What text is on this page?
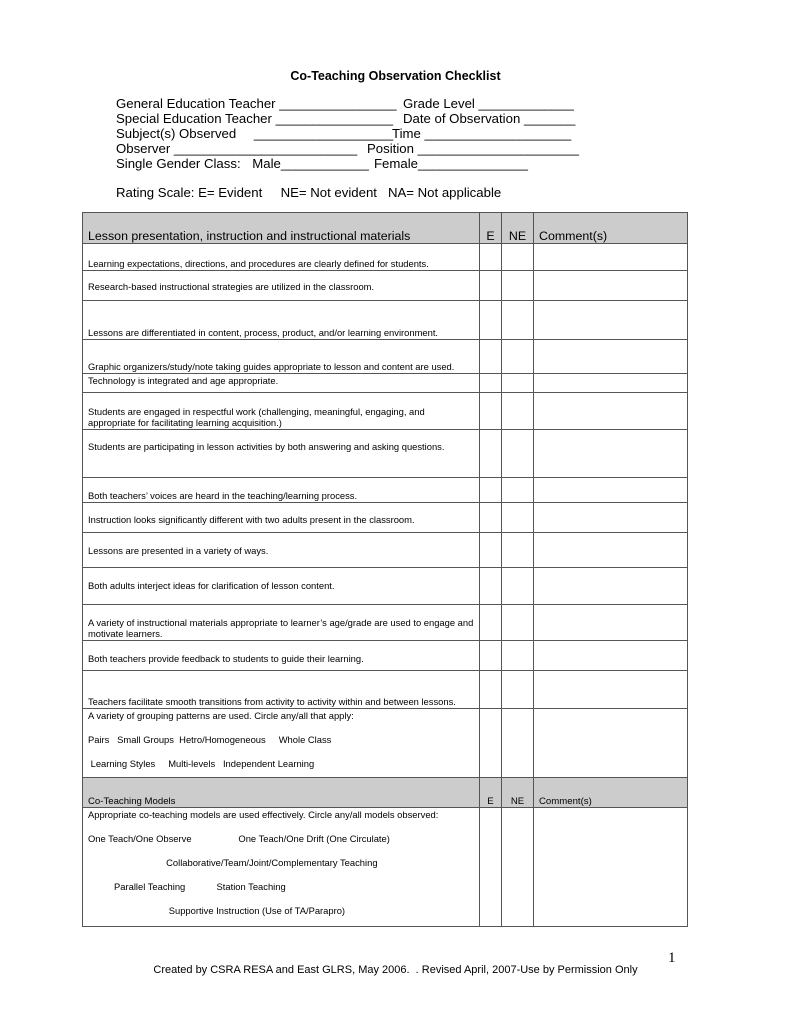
Co-Teaching Observation Checklist
General Education Teacher ________________ Grade Level _____________
Special Education Teacher ________________ Date of Observation _______
Subject(s) Observed ___________________
Time ____________________
Observer _________________________ Position ______________________
Single Gender Class: Male____________ Female_______________
Rating Scale: E= Evident     NE= Not evident   NA= Not applicable
Lesson presentation, instruction and instructional materials	E	NE	Comment(s)
Learning expectations, directions, and procedures are clearly defined for students.			
Research-based instructional strategies are utilized in the classroom.			
Lessons are differentiated in content, process, product, and/or learning environment.			
Graphic organizers/study/note taking guides appropriate to lesson and content are used.			
Technology is integrated and age appropriate.			
Students are engaged in respectful work (challenging, meaningful, engaging, and appropriate for facilitating learning acquisition.)			
Students are participating in lesson activities by both answering and asking questions.			
Both teachers’ voices are heard in the teaching/learning process.			
Instruction looks significantly different with two adults present in the classroom.			
Lessons are presented in a variety of ways.			
Both adults interject ideas for clarification of lesson content.			
A variety of instructional materials appropriate to learner’s age/grade are used to engage and motivate learners.			
Both teachers provide feedback to students to guide their learning.			
Teachers facilitate smooth transitions from activity to activity within and between lessons.			

A variety of grouping patterns are used. Circle any/all that apply:
Pairs   Small Groups  Hetro/Homogeneous     Whole Class
Learning Styles     Multi-levels   Independent Learning			

Co-Teaching Models	E	NE	Comment(s)

Appropriate co-teaching models are used effectively. Circle any/all models observed:
One Teach/One Observe                  One Teach/One Drift (One Circulate)
Collaborative/Team/Joint/Complementary Teaching
Parallel Teaching            Station Teaching
Supportive Instruction (Use of TA/Parapro)			

1
Created by CSRA RESA and East GLRS, May 2006.  . Revised April, 2007-Use by Permission Only
